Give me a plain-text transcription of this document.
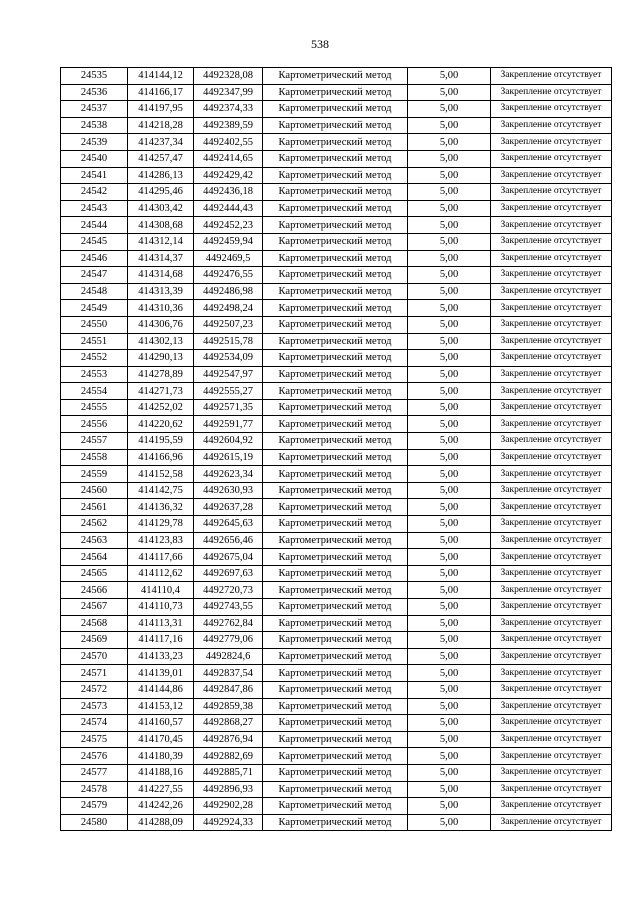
538
24535	414144,12	4492328,08	Картометрический метод	5,00	Закрепление отсутствует
24536	414166,17	4492347,99	Картометрический метод	5,00	Закрепление отсутствует
24537	414197,95	4492374,33	Картометрический метод	5,00	Закрепление отсутствует
24538	414218,28	4492389,59	Картометрический метод	5,00	Закрепление отсутствует
24539	414237,34	4492402,55	Картометрический метод	5,00	Закрепление отсутствует
24540	414257,47	4492414,65	Картометрический метод	5,00	Закрепление отсутствует
24541	414286,13	4492429,42	Картометрический метод	5,00	Закрепление отсутствует
24542	414295,46	4492436,18	Картометрический метод	5,00	Закрепление отсутствует
24543	414303,42	4492444,43	Картометрический метод	5,00	Закрепление отсутствует
24544	414308,68	4492452,23	Картометрический метод	5,00	Закрепление отсутствует
24545	414312,14	4492459,94	Картометрический метод	5,00	Закрепление отсутствует
24546	414314,37	4492469,5	Картометрический метод	5,00	Закрепление отсутствует
24547	414314,68	4492476,55	Картометрический метод	5,00	Закрепление отсутствует
24548	414313,39	4492486,98	Картометрический метод	5,00	Закрепление отсутствует
24549	414310,36	4492498,24	Картометрический метод	5,00	Закрепление отсутствует
24550	414306,76	4492507,23	Картометрический метод	5,00	Закрепление отсутствует
24551	414302,13	4492515,78	Картометрический метод	5,00	Закрепление отсутствует
24552	414290,13	4492534,09	Картометрический метод	5,00	Закрепление отсутствует
24553	414278,89	4492547,97	Картометрический метод	5,00	Закрепление отсутствует
24554	414271,73	4492555,27	Картометрический метод	5,00	Закрепление отсутствует
24555	414252,02	4492571,35	Картометрический метод	5,00	Закрепление отсутствует
24556	414220,62	4492591,77	Картометрический метод	5,00	Закрепление отсутствует
24557	414195,59	4492604,92	Картометрический метод	5,00	Закрепление отсутствует
24558	414166,96	4492615,19	Картометрический метод	5,00	Закрепление отсутствует
24559	414152,58	4492623,34	Картометрический метод	5,00	Закрепление отсутствует
24560	414142,75	4492630,93	Картометрический метод	5,00	Закрепление отсутствует
24561	414136,32	4492637,28	Картометрический метод	5,00	Закрепление отсутствует
24562	414129,78	4492645,63	Картометрический метод	5,00	Закрепление отсутствует
24563	414123,83	4492656,46	Картометрический метод	5,00	Закрепление отсутствует
24564	414117,66	4492675,04	Картометрический метод	5,00	Закрепление отсутствует
24565	414112,62	4492697,63	Картометрический метод	5,00	Закрепление отсутствует
24566	414110,4	4492720,73	Картометрический метод	5,00	Закрепление отсутствует
24567	414110,73	4492743,55	Картометрический метод	5,00	Закрепление отсутствует
24568	414113,31	4492762,84	Картометрический метод	5,00	Закрепление отсутствует
24569	414117,16	4492779,06	Картометрический метод	5,00	Закрепление отсутствует
24570	414133,23	4492824,6	Картометрический метод	5,00	Закрепление отсутствует
24571	414139,01	4492837,54	Картометрический метод	5,00	Закрепление отсутствует
24572	414144,86	4492847,86	Картометрический метод	5,00	Закрепление отсутствует
24573	414153,12	4492859,38	Картометрический метод	5,00	Закрепление отсутствует
24574	414160,57	4492868,27	Картометрический метод	5,00	Закрепление отсутствует
24575	414170,45	4492876,94	Картометрический метод	5,00	Закрепление отсутствует
24576	414180,39	4492882,69	Картометрический метод	5,00	Закрепление отсутствует
24577	414188,16	4492885,71	Картометрический метод	5,00	Закрепление отсутствует
24578	414227,55	4492896,93	Картометрический метод	5,00	Закрепление отсутствует
24579	414242,26	4492902,28	Картометрический метод	5,00	Закрепление отсутствует
24580	414288,09	4492924,33	Картометрический метод	5,00	Закрепление отсутствует
